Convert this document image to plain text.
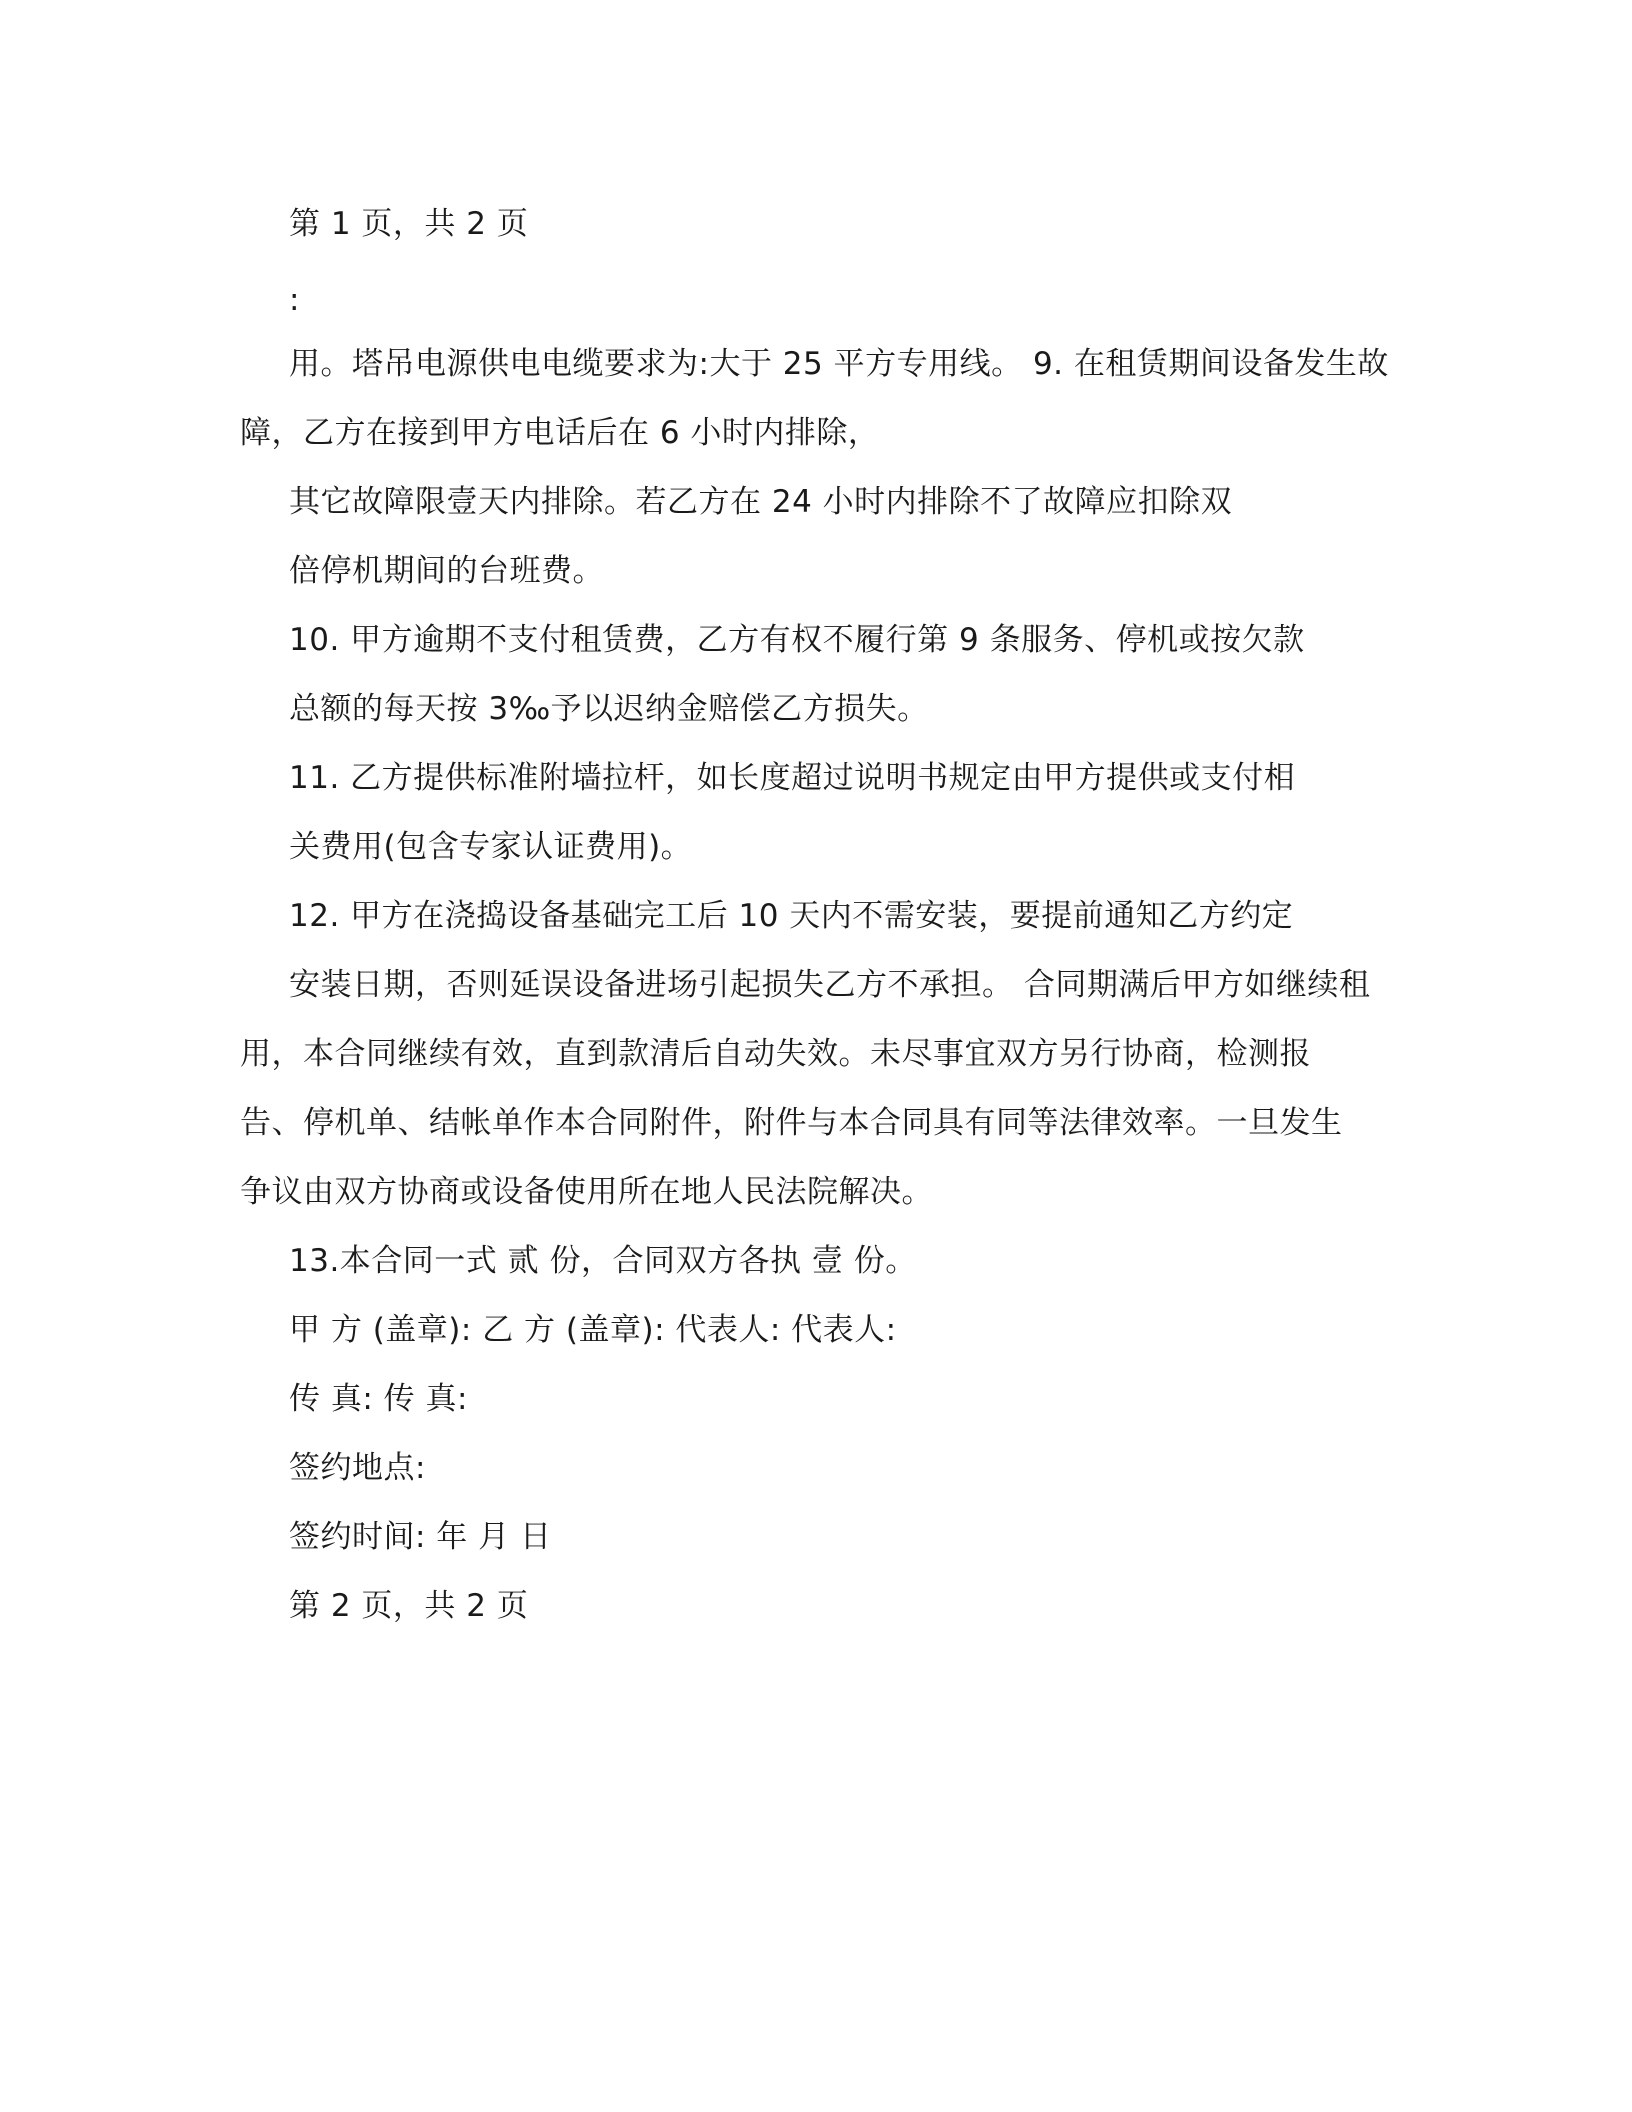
第 1 页，共 2 页
:
用。塔吊电源供电电缆要求为:大于 25 平方专用线。 9. 在租赁期间设备发生故
障，乙方在接到甲方电话后在 6 小时内排除，
其它故障限壹天内排除。若乙方在 24 小时内排除不了故障应扣除双
倍停机期间的台班费。
10. 甲方逾期不支付租赁费，乙方有权不履行第 9 条服务、停机或按欠款
总额的每天按 3‰予以迟纳金赔偿乙方损失。
11. 乙方提供标准附墙拉杆，如长度超过说明书规定由甲方提供或支付相
关费用(包含专家认证费用)。
12. 甲方在浇捣设备基础完工后 10 天内不需安装，要提前通知乙方约定
安装日期，否则延误设备进场引起损失乙方不承担。 合同期满后甲方如继续租
用，本合同继续有效，直到款清后自动失效。未尽事宜双方另行协商，检测报
告、停机单、结帐单作本合同附件，附件与本合同具有同等法律效率。一旦发生
争议由双方协商或设备使用所在地人民法院解决。
13.本合同一式 贰 份，合同双方各执 壹 份。
甲 方 (盖章): 乙 方 (盖章): 代表人: 代表人:
传 真: 传 真:
签约地点:
签约时间: 年 月 日
第 2 页，共 2 页
